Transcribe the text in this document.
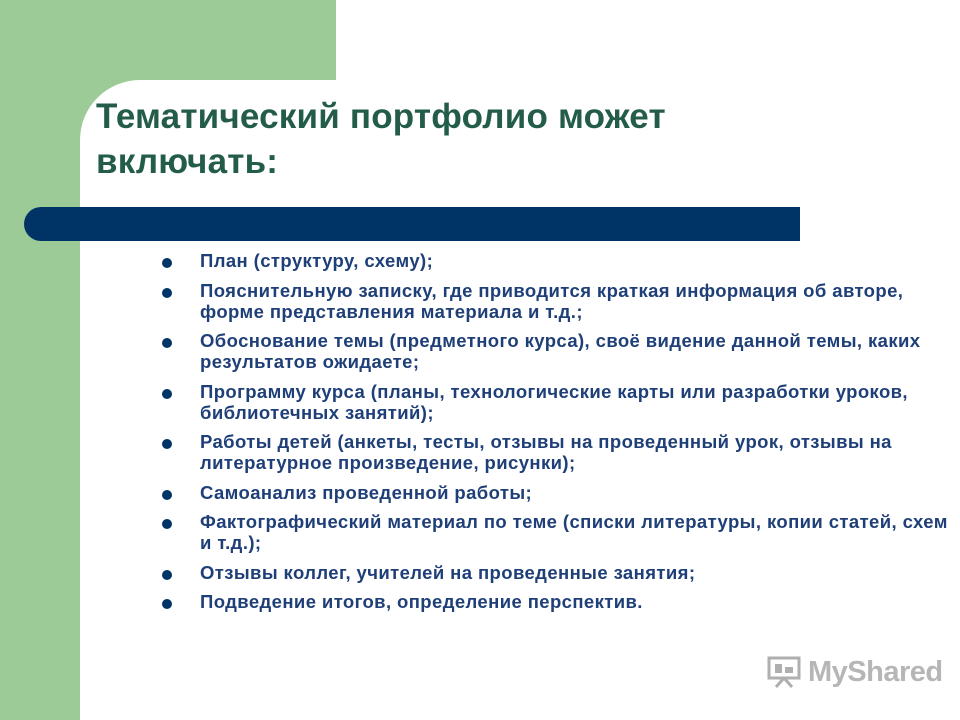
Тематический портфолио может включать:
План (структуру, схему);
Пояснительную записку, где приводится краткая информация об авторе, форме представления материала и т.д.;
Обоснование темы (предметного курса), своё видение данной темы, каких результатов ожидаете;
Программу курса (планы, технологические карты или разработки уроков, библиотечных занятий);
Работы детей (анкеты, тесты, отзывы на проведенный урок, отзывы на литературное произведение, рисунки);
Самоанализ проведенной работы;
Фактографический материал по теме (списки литературы, копии статей, схем и т.д.);
Отзывы коллег, учителей на проведенные занятия;
Подведение итогов, определение перспектив.
MyShared
